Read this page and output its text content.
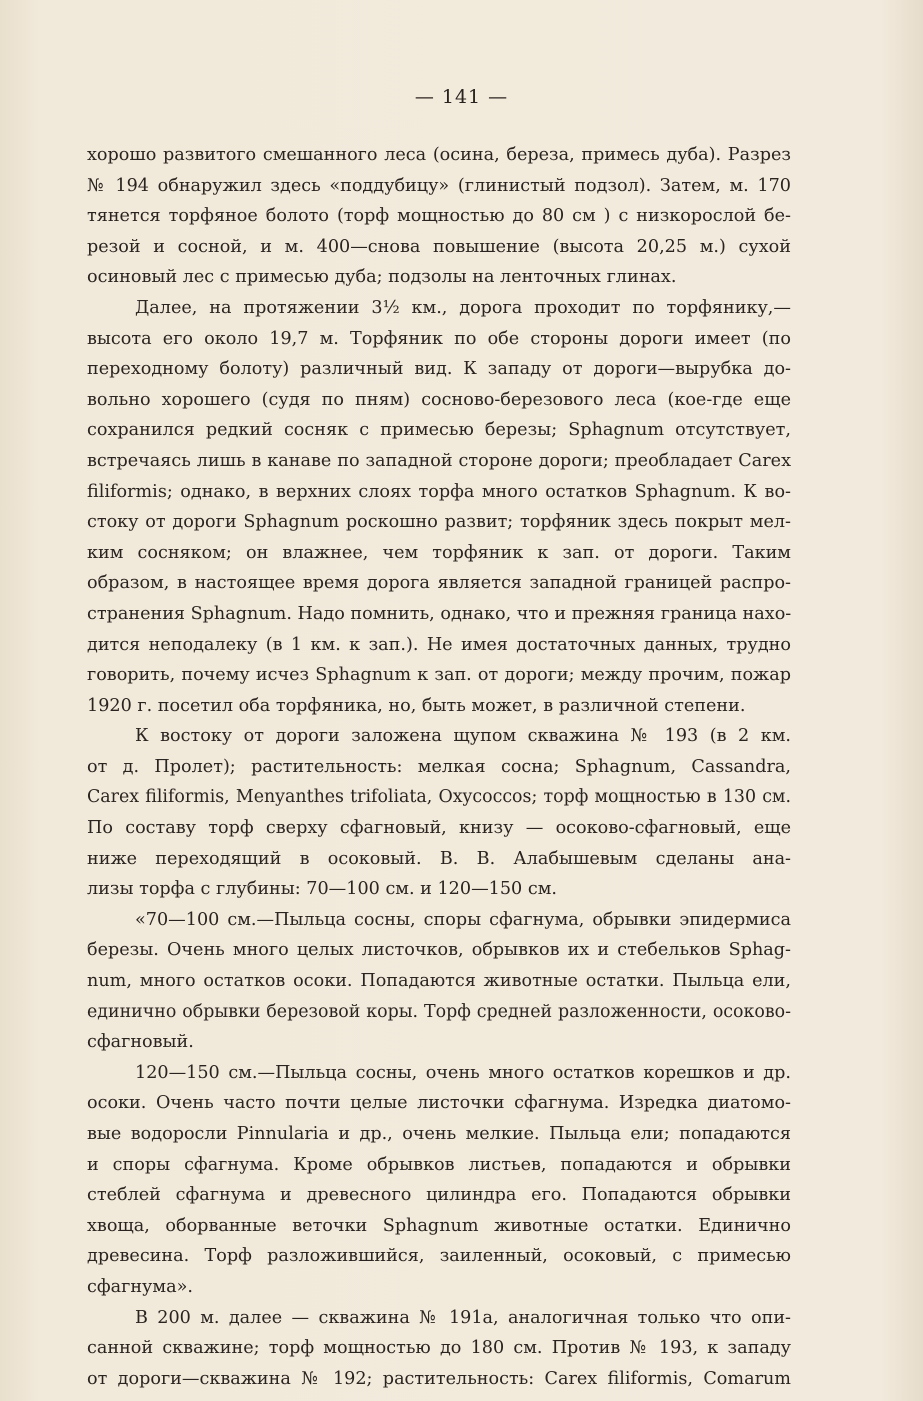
— 141 —
хорошо развитого смешанного леса (осина, береза, примесь дуба). Разрез
№ 194 обнаружил здесь «поддубицу» (глинистый подзол). Затем, м. 170
тянется торфяное болото (торф мощностью до 80 см ) с низкорослой бе-
резой и сосной, и м. 400—снова повышение (высота 20,25 м.) сухой
осиновый лес с примесью дуба; подзолы на ленточных глинах.
Далее, на протяжении 3½ км., дорога проходит по торфянику,—
высота его около 19,7 м. Торфяник по обе стороны дороги имеет (по
переходному болоту) различный вид. К западу от дороги—вырубка до-
вольно хорошего (судя по пням) сосново-березового леса (кое-где еще
сохранился редкий сосняк с примесью березы; Sphagnum отсутствует,
встречаясь лишь в канаве по западной стороне дороги; преобладает Carex
filiformis; однако, в верхних слоях торфа много остатков Sphagnum. К во-
стоку от дороги Sphagnum роскошно развит; торфяник здесь покрыт мел-
ким сосняком; он влажнее, чем торфяник к зап. от дороги. Таким
образом, в настоящее время дорога является западной границей распро-
странения Sphagnum. Надо помнить, однако, что и прежняя граница нахо-
дится неподалеку (в 1 км. к зап.). Не имея достаточных данных, трудно
говорить, почему исчез Sphagnum к зап. от дороги; между прочим, пожар
1920 г. посетил оба торфяника, но, быть может, в различной степени.
К востоку от дороги заложена щупом скважина № 193 (в 2 км.
от д. Пролет); растительность: мелкая сосна; Sphagnum, Cassandra,
Carex filiformis, Menyanthes trifoliata, Oxycoccos; торф мощностью в 130 см.
По составу торф сверху сфагновый, книзу — осоково-сфагновый, еще
ниже переходящий в осоковый. В. В. Алабышевым сделаны ана-
лизы торфа с глубины: 70—100 см. и 120—150 см.
«70—100 см.—Пыльца сосны, споры сфагнума, обрывки эпидермиса
березы. Очень много целых листочков, обрывков их и стебельков Sphag-
num, много остатков осоки. Попадаются животные остатки. Пыльца ели,
единично обрывки березовой коры. Торф средней разложенности, осоково-
сфагновый.
120—150 см.—Пыльца сосны, очень много остатков корешков и др.
осоки. Очень часто почти целые листочки сфагнума. Изредка диатомо-
вые водоросли Pinnularia и др., очень мелкие. Пыльца ели; попадаются
и споры сфагнума. Кроме обрывков листьев, попадаются и обрывки
стеблей сфагнума и древесного цилиндра его. Попадаются обрывки
хвоща, оборванные веточки Sphagnum животные остатки. Единично
древесина. Торф разложившийся, заиленный, осоковый, с примесью
сфагнума».
В 200 м. далее — скважина № 191а, аналогичная только что опи-
санной скважине; торф мощностью до 180 см. Против № 193, к западу
от дороги—скважина № 192; растительность: Carex filiformis, Comarum
